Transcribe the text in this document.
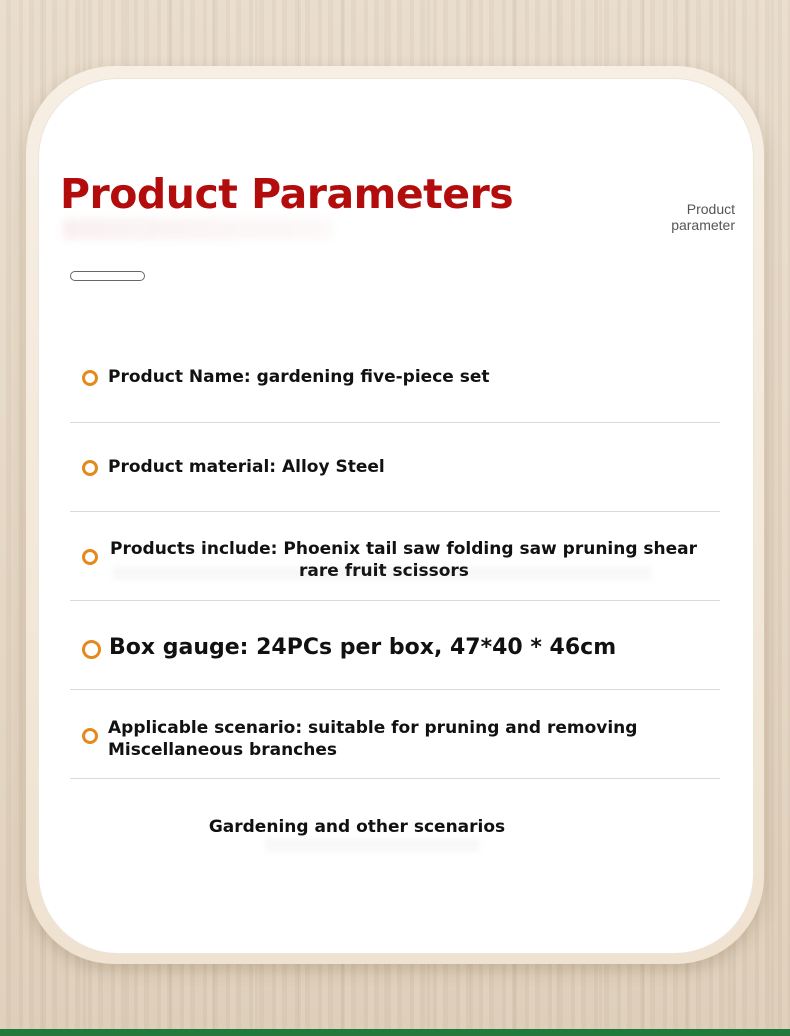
Product Parameters	Product
parameter
Product Name: gardening five-piece set
Product material: Alloy Steel
Products include: Phoenix tail saw folding saw pruning shear
rare fruit scissors
Box gauge: 24PCs per box, 47*40 * 46cm
Applicable scenario: suitable for pruning and removing
Miscellaneous branches
Gardening and other scenarios
